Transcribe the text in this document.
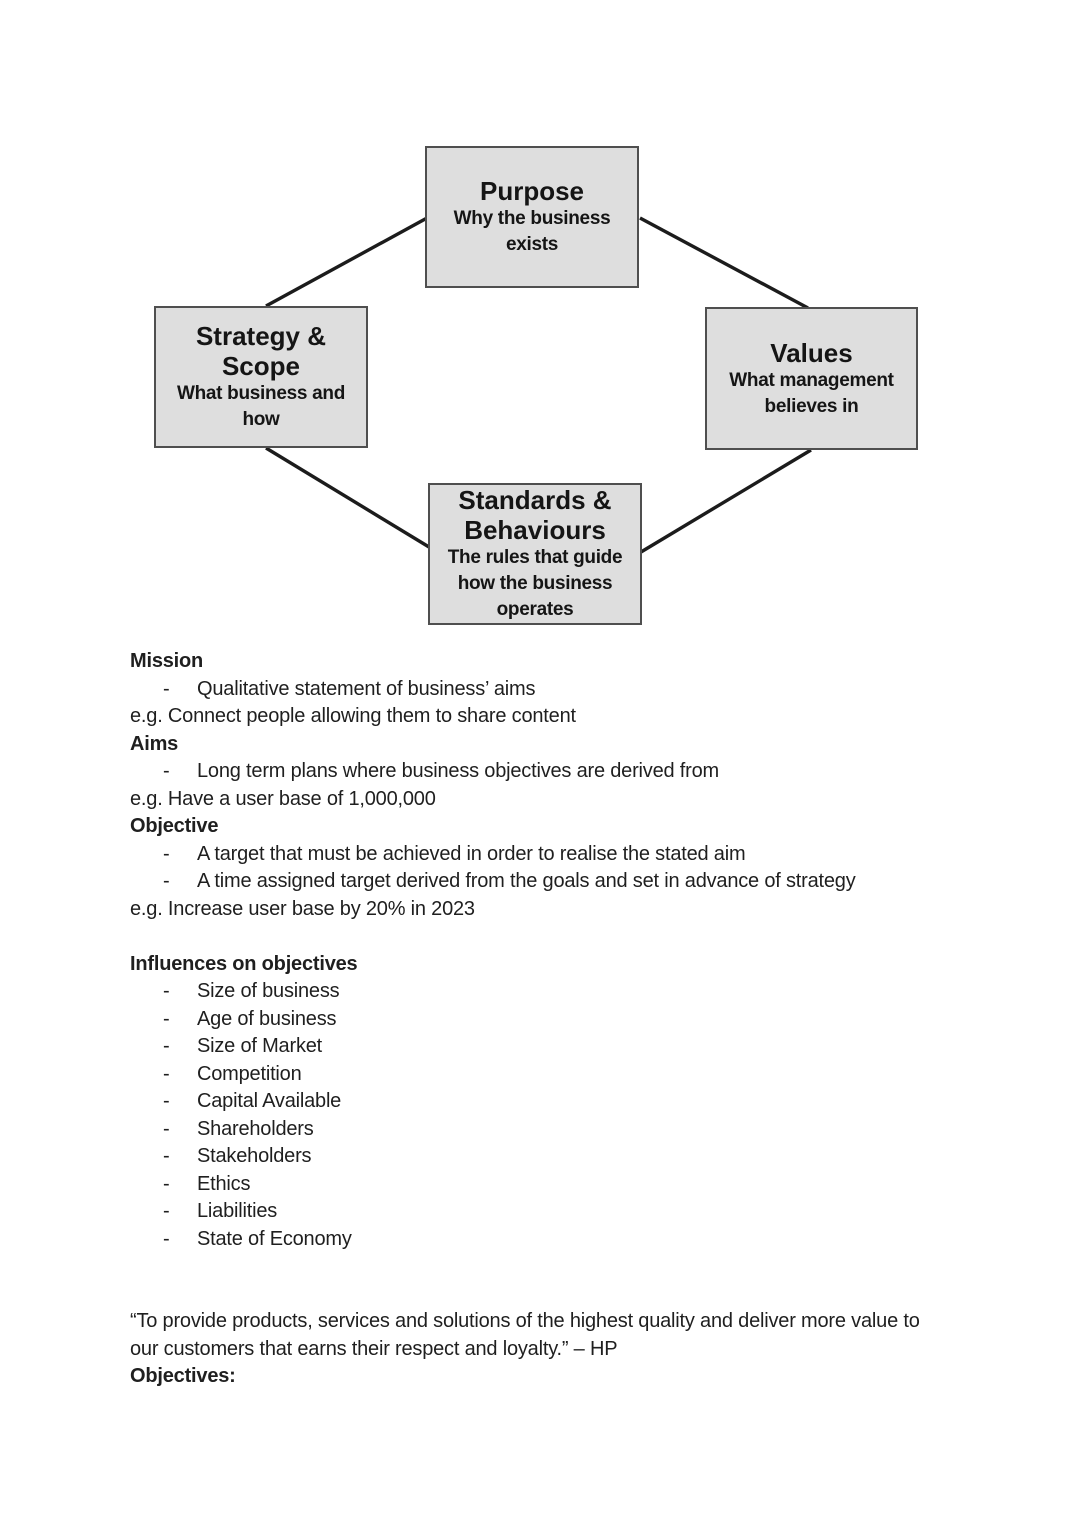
Purpose
Why the business
exists
Strategy &
Scope
What business and
how
Values
What management
believes in
Standards &
Behaviours
The rules that guide
how the business
operates
Mission
- Qualitative statement of business’ aims
e.g. Connect people allowing them to share content
Aims
- Long term plans where business objectives are derived from
e.g. Have a user base of 1,000,000
Objective
- A target that must be achieved in order to realise the stated aim
- A time assigned target derived from the goals and set in advance of strategy
e.g. Increase user base by 20% in 2023
Influences on objectives
- Size of business
- Age of business
- Size of Market
- Competition
- Capital Available
- Shareholders
- Stakeholders
- Ethics
- Liabilities
- State of Economy
“To provide products, services and solutions of the highest quality and deliver more value to
our customers that earns their respect and loyalty.” – HP
Objectives:
